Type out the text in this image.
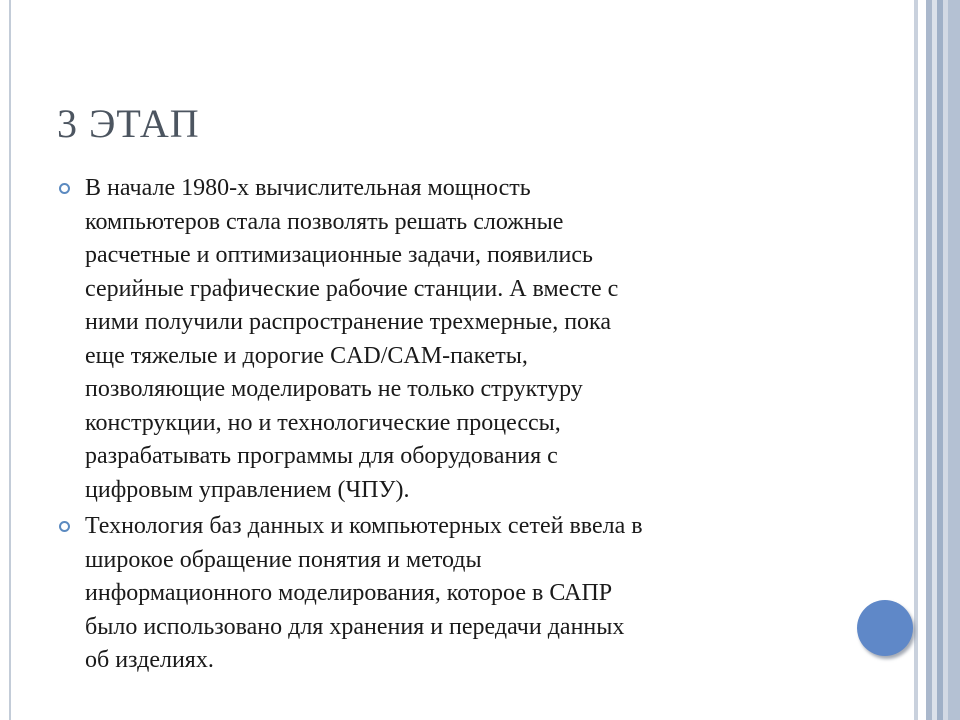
3 ЭТАП
В начале 1980-х вычислительная мощность
компьютеров стала позволять решать сложные
расчетные и оптимизационные задачи, появились
серийные графические рабочие станции. А вместе с
ними получили распространение трехмерные, пока
еще тяжелые и дорогие CAD/CAM-пакеты,
позволяющие моделировать не только структуру
конструкции, но и технологические процессы,
разрабатывать программы для оборудования с
цифровым управлением (ЧПУ).
Технология баз данных и компьютерных сетей ввела в
широкое обращение понятия и методы
информационного моделирования, которое в САПР
было использовано для хранения и передачи данных
об изделиях.
